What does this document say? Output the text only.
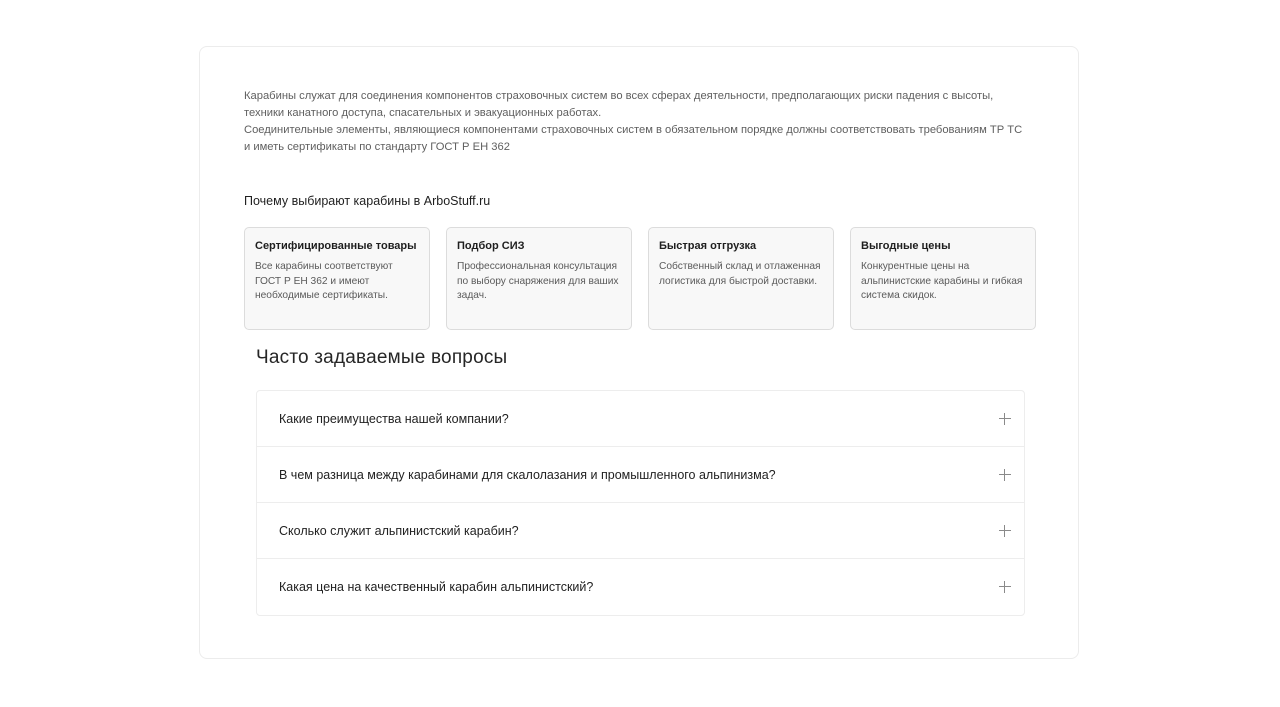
Карабины служат для соединения компонентов страховочных систем во всех сферах деятельности, предполагающих риски падения с высоты,

техники канатного доступа, спасательных и эвакуационных работах.

Соединительные элементы, являющиеся компонентами страховочных систем в обязательном порядке должны соответствовать требованиям ТР ТС

и иметь сертификаты по стандарту ГОСТ Р ЕН 362

Почему выбирают карабины в ArboStuff.ru

Сертифицированные товары

Все карабины соответствуют ГОСТ Р ЕН 362 и имеют необходимые сертификаты.

Подбор СИЗ

Профессиональная консультация по выбору снаряжения для ваших задач.

Быстрая отгрузка

Собственный склад и отлаженная логистика для быстрой доставки.

Выгодные цены

Конкурентные цены на альпинистские карабины и гибкая система скидок.

Часто задаваемые вопросы
Какие преимущества нашей компании?
В чем разница между карабинами для скалолазания и промышленного альпинизма?
Сколько служит альпинистский карабин?
Какая цена на качественный карабин альпинистский?
